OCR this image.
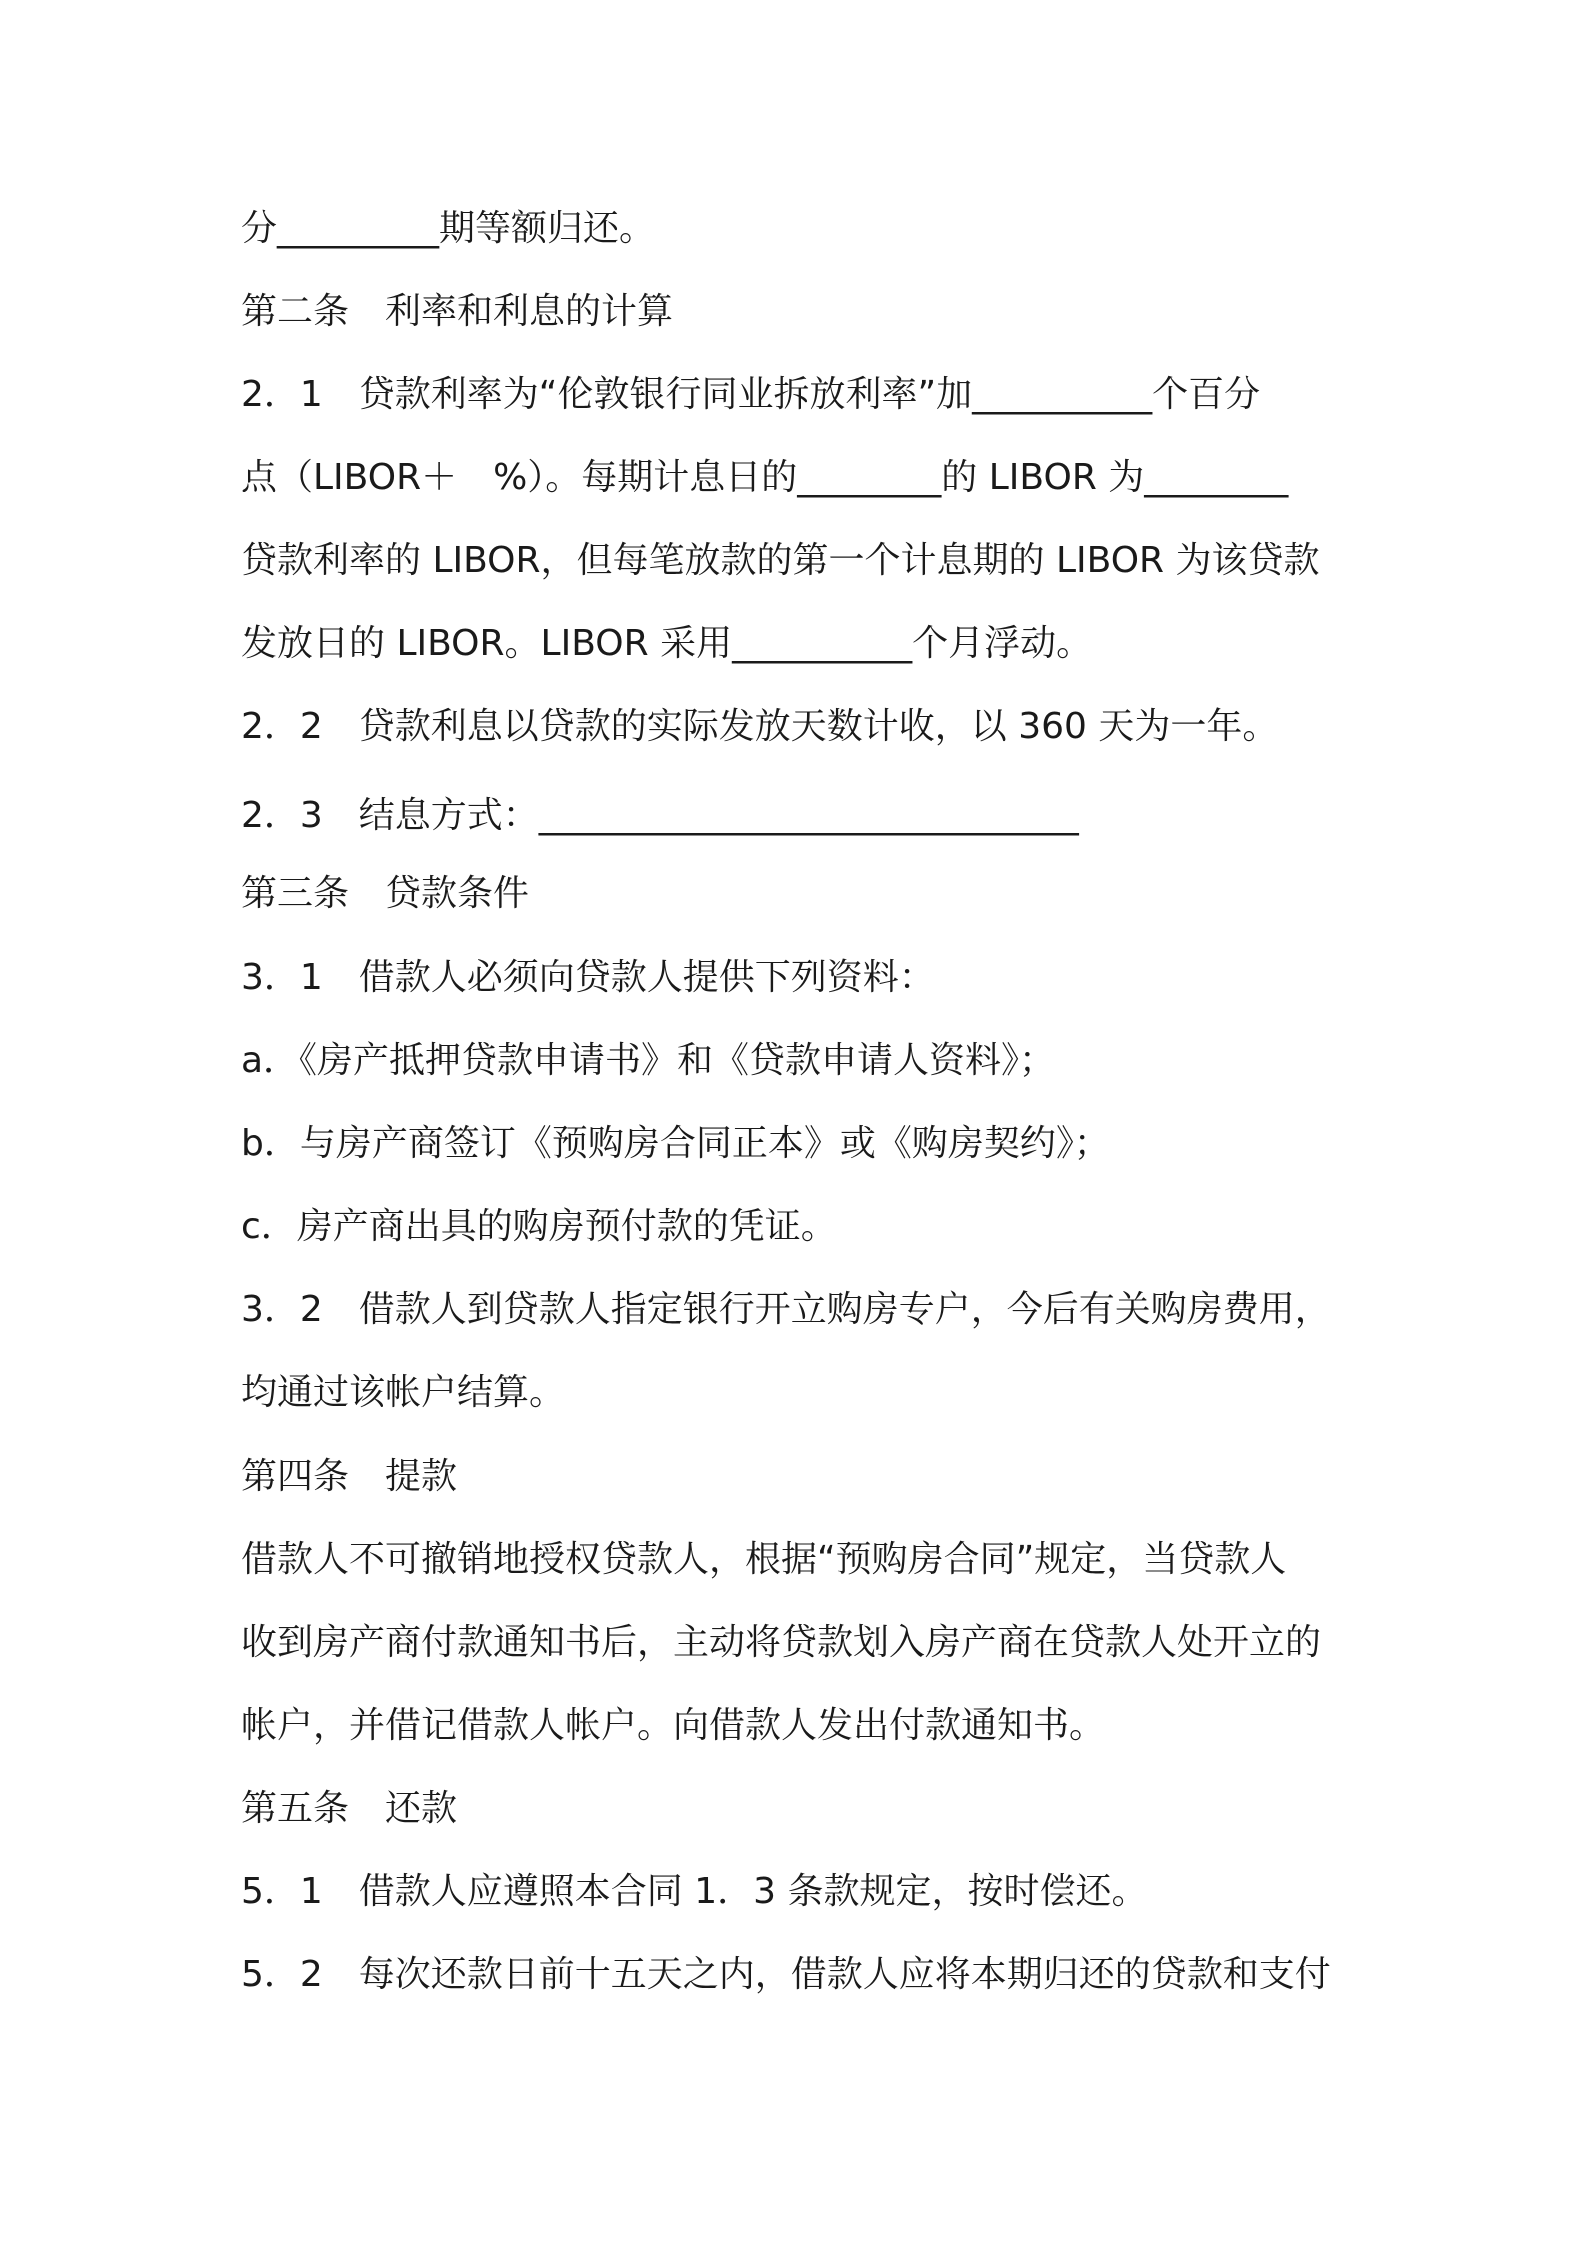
分_________期等额归还。

第二条　利率和利息的计算

2．1　贷款利率为“伦敦银行同业拆放利率”加__________个百分

点（LIBOR＋　%）。每期计息日的________的 LIBOR 为________

贷款利率的 LIBOR，但每笔放款的第一个计息期的 LIBOR 为该贷款

发放日的 LIBOR。LIBOR 采用__________个月浮动。

2．2　贷款利息以贷款的实际发放天数计收，以 360 天为一年。

2．3　结息方式：______________________________

第三条　贷款条件

3．1　借款人必须向贷款人提供下列资料：

a．《房产抵押贷款申请书》和《贷款申请人资料》；

b．与房产商签订《预购房合同正本》或《购房契约》；

c．房产商出具的购房预付款的凭证。

3．2　借款人到贷款人指定银行开立购房专户，今后有关购房费用，

均通过该帐户结算。

第四条　提款

借款人不可撤销地授权贷款人，根据“预购房合同”规定，当贷款人

收到房产商付款通知书后，主动将贷款划入房产商在贷款人处开立的

帐户，并借记借款人帐户。向借款人发出付款通知书。

第五条　还款

5．1　借款人应遵照本合同 1．3 条款规定，按时偿还。

5．2　每次还款日前十五天之内，借款人应将本期归还的贷款和支付
